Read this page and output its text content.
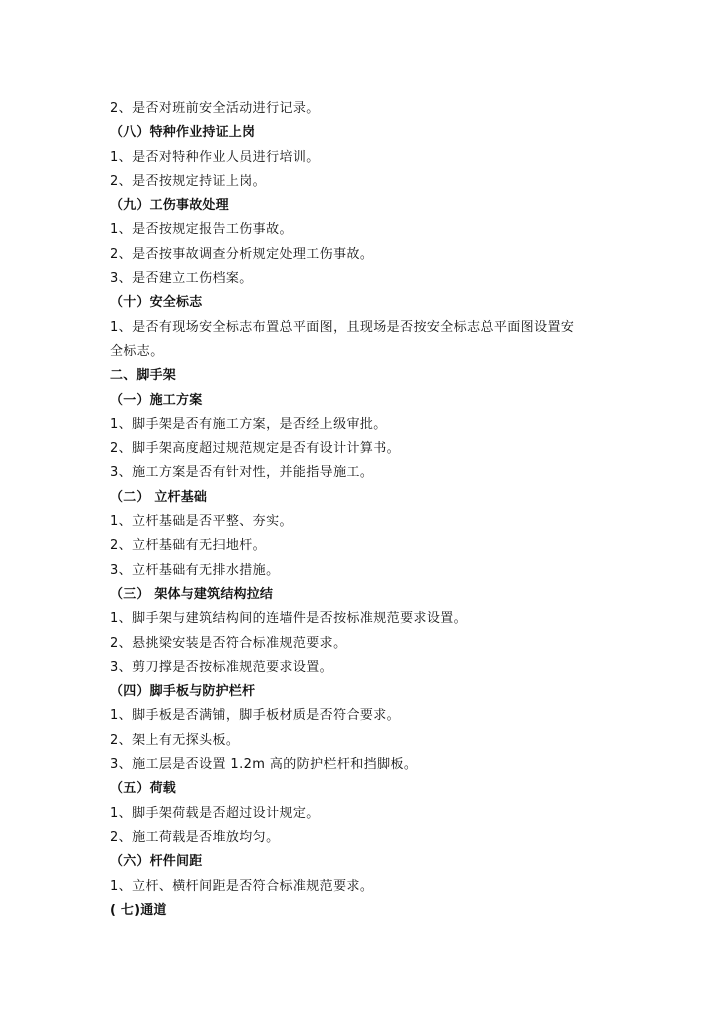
2、是否对班前安全活动进行记录。
（八）特种作业持证上岗
1、是否对特种作业人员进行培训。
2、是否按规定持证上岗。
（九）工伤事故处理
1、是否按规定报告工伤事故。
2、是否按事故调查分析规定处理工伤事故。
3、是否建立工伤档案。
（十）安全标志
1、是否有现场安全标志布置总平面图，且现场是否按安全标志总平面图设置安
全标志。
二、脚手架
（一）施工方案
1、脚手架是否有施工方案，是否经上级审批。
2、脚手架高度超过规范规定是否有设计计算书。
3、施工方案是否有针对性，并能指导施工。
（二） 立杆基础
1、立杆基础是否平整、夯实。
2、立杆基础有无扫地杆。
3、立杆基础有无排水措施。
（三） 架体与建筑结构拉结
1、脚手架与建筑结构间的连墙件是否按标准规范要求设置。
2、悬挑梁安装是否符合标准规范要求。
3、剪刀撑是否按标准规范要求设置。
（四）脚手板与防护栏杆
1、脚手板是否满铺，脚手板材质是否符合要求。
2、架上有无探头板。
3、施工层是否设置 1.2m 高的防护栏杆和挡脚板。
（五）荷载
1、脚手架荷载是否超过设计规定。
2、施工荷载是否堆放均匀。
（六）杆件间距
1、立杆、横杆间距是否符合标准规范要求。
( 七)通道
